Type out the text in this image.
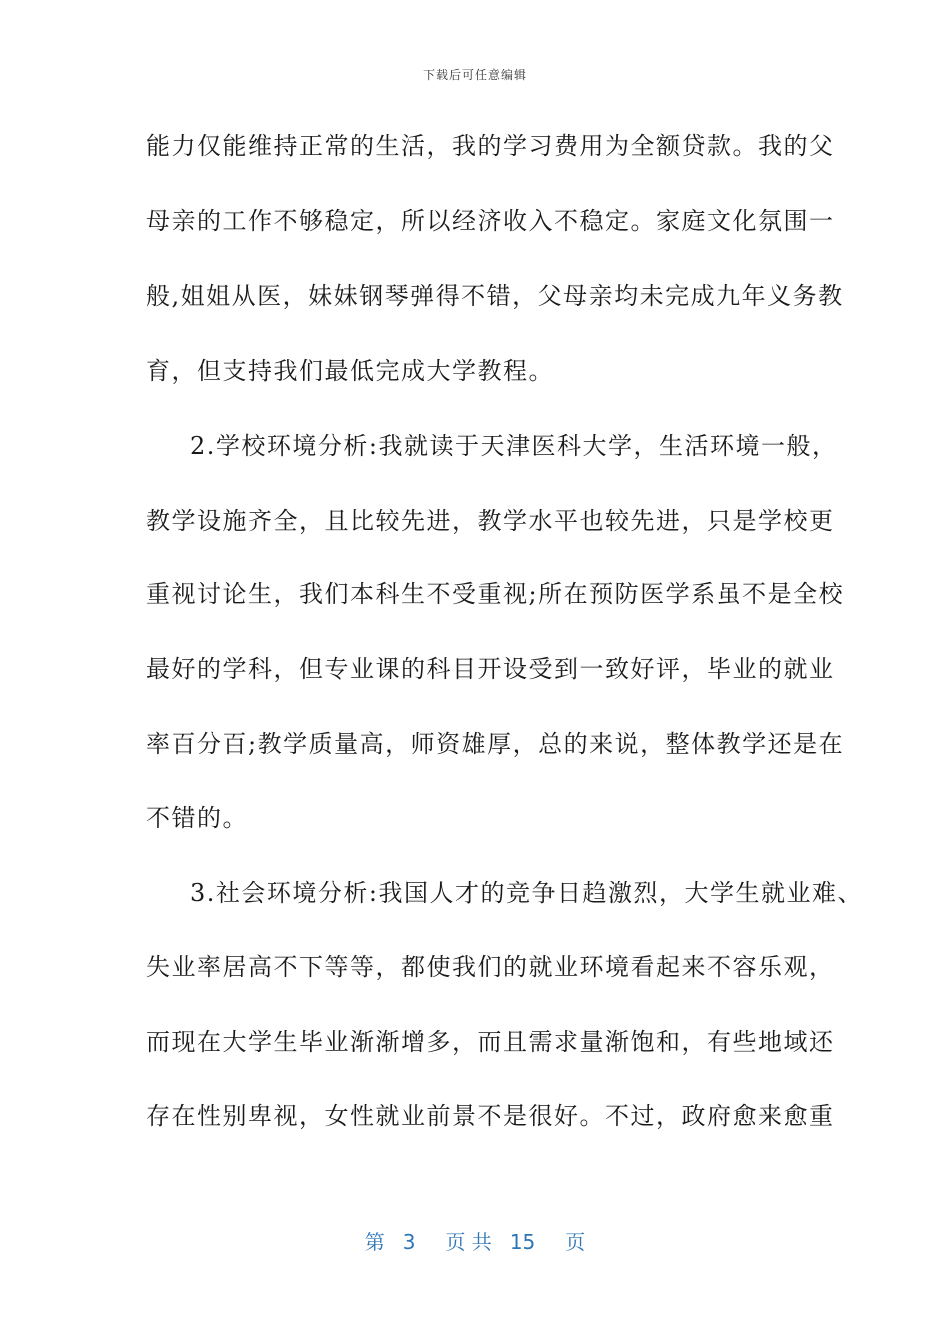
下载后可任意编辑
能力仅能维持正常的生活，我的学习费用为全额贷款。我的父
母亲的工作不够稳定，所以经济收入不稳定。家庭文化氛围一
般,姐姐从医，妹妹钢琴弹得不错，父母亲均未完成九年义务教
育，但支持我们最低完成大学教程。
2.学校环境分析:我就读于天津医科大学，生活环境一般，
教学设施齐全，且比较先进，教学水平也较先进，只是学校更
重视讨论生，我们本科生不受重视;所在预防医学系虽不是全校
最好的学科，但专业课的科目开设受到一致好评，毕业的就业
率百分百;教学质量高，师资雄厚，总的来说，整体教学还是在
不错的。
3.社会环境分析:我国人才的竞争日趋激烈，大学生就业难、
失业率居高不下等等，都使我们的就业环境看起来不容乐观，
而现在大学生毕业渐渐增多，而且需求量渐饱和，有些地域还
存在性别卑视，女性就业前景不是很好。不过，政府愈来愈重
第 3 页 共 15 页
